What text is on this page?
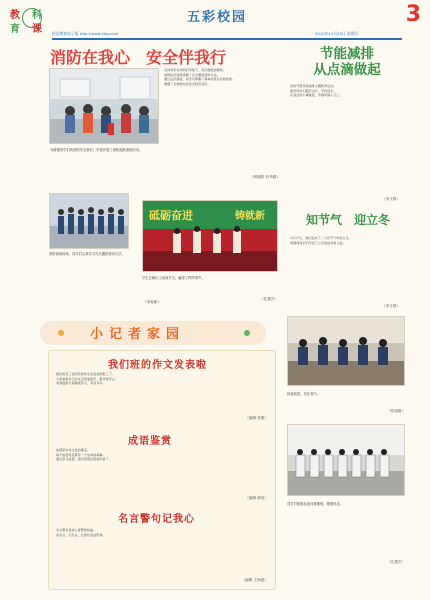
教 科
育 课
五彩校园	3
科达教育电子报 http://www.kdjy.com	2012年11月25日 星期日
消防在我心　安全伴我行
为增强同学们的消防安全意识，学校开展了消防疏散演练活动。
全体同学在老师的带领下，有序疏散到操场。
消防队员现场讲解了灭火器的使用方法。
通过这次演练，同学们掌握了基本的逃生自救技能。
增强了全校师生的安全防范意识。
（薛晓阳 肖华娟）
节能减排
从点滴做起
学校开展节能减排主题教育活动。
倡导同学们随手关灯、节约用水。
从身边的小事做起，争做环保小卫士。
（李文琪）
知节气　迎立冬
11月7日，我们迎来了二十四节气中的立冬。
老师向同学们介绍了立冬的由来和习俗。
（李文琪）
消防演练现场，同学们认真学习灭火器的使用方法。
（李寿新）
砥砺奋进	铸就新
学生在舞台上表演节目，赢得了阵阵掌声。
（孔慧芳）
小记者家园
我们班的作文发表啦
我们班有三位同学的作文发表在校报上了。
大家看到自己的文章变成铅字，都非常开心。
老师鼓励大家继续努力，多读多写。
（编辑 李燕）
成语鉴赏
成语是中华文化的瑰宝。
每个成语背后都有一个生动的故事。
通过学习成语，我们的语言更加丰富了。
（编辑 薛延）
名言警句记我心
名言警句是前人智慧的结晶。
读名言、记名言，让我们受益终身。
（编辑 王海燕）
和谐校园，乐在其中。
（张旭艳）
同学们积极参加体育锻炼，增强体质。
（孔慧芳）
